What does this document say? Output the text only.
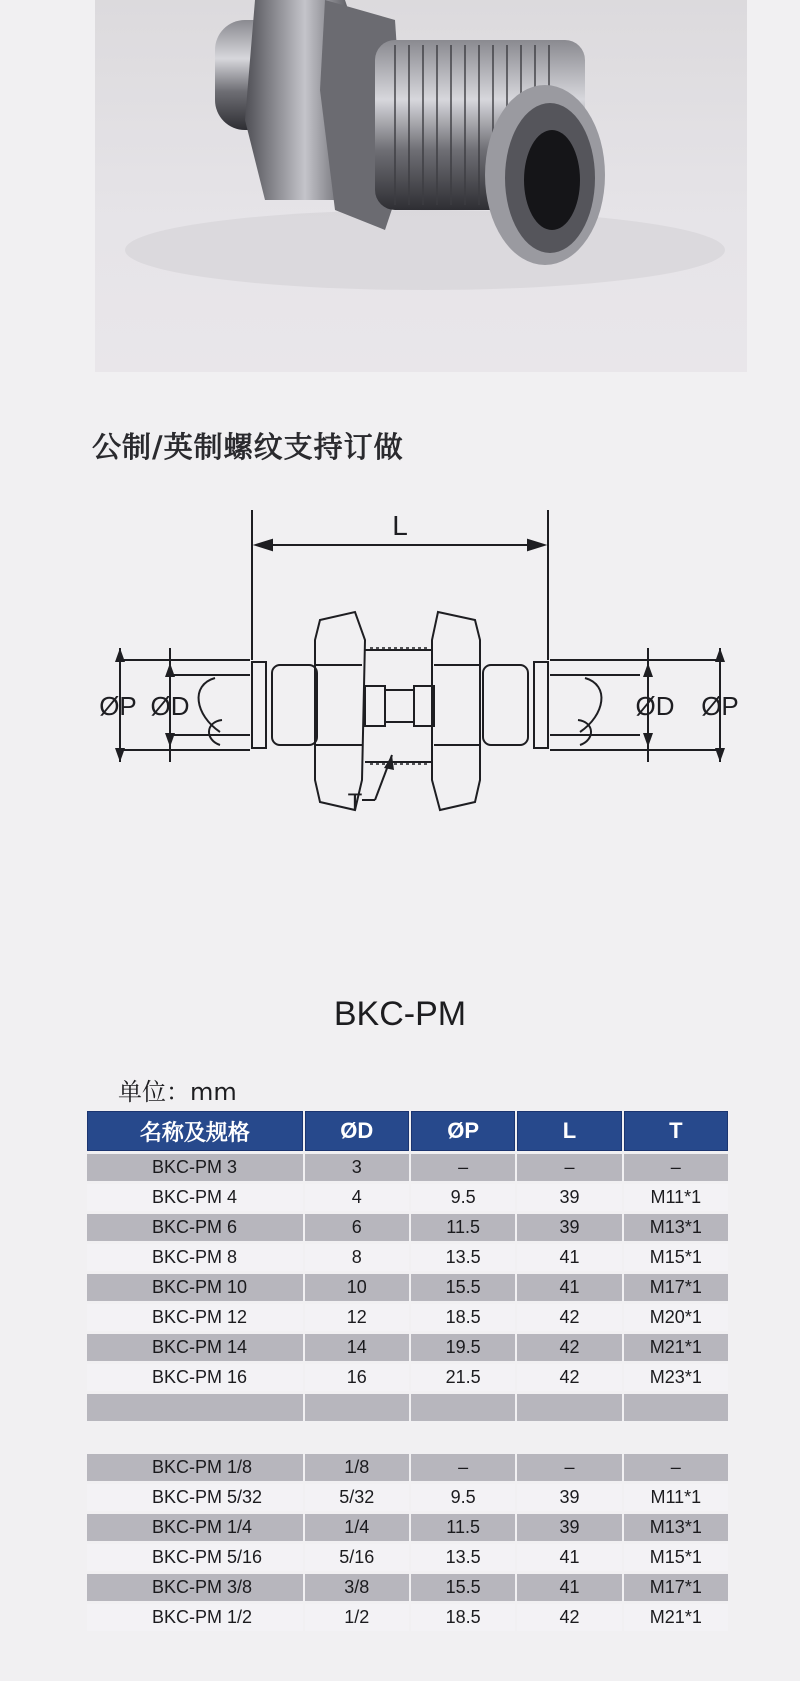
公制/英制螺纹支持订做
L
ØP ØD	ØD ØP
T
BKC-PM
单位：mm
名称及规格	ØD	ØP	L	T
BKC-PM 3	3	–	–	–
BKC-PM 4	4	9.5	39	M11*1
BKC-PM 6	6	11.5	39	M13*1
BKC-PM 8	8	13.5	41	M15*1
BKC-PM 10	10	15.5	41	M17*1
BKC-PM 12	12	18.5	42	M20*1
BKC-PM 14	14	19.5	42	M21*1
BKC-PM 16	16	21.5	42	M23*1

BKC-PM 1/8	1/8	–	–	–
BKC-PM 5/32	5/32	9.5	39	M11*1
BKC-PM 1/4	1/4	11.5	39	M13*1
BKC-PM 5/16	5/16	13.5	41	M15*1
BKC-PM 3/8	3/8	15.5	41	M17*1
BKC-PM 1/2	1/2	18.5	42	M21*1
